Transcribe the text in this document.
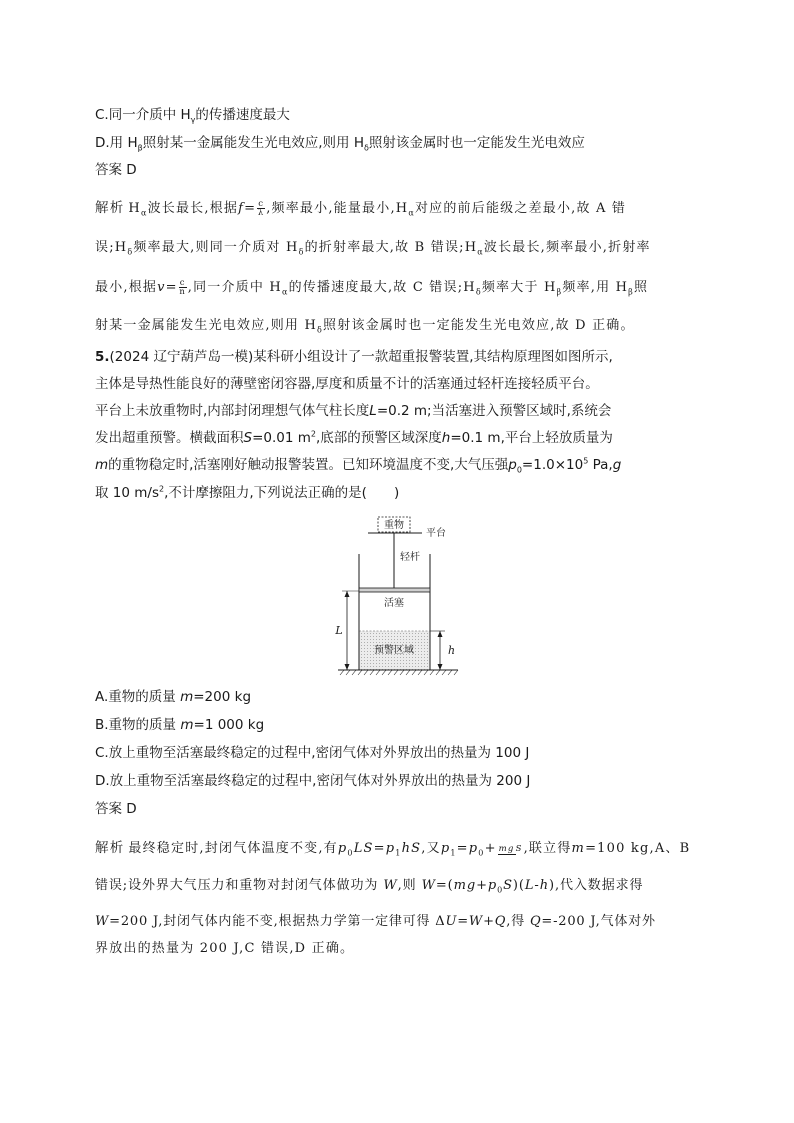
C.同一介质中 $H_\gamma$的传播速度最大
D.用 $H_\beta$照射某一金属能发生光电效应,则用 $H_\delta$照射该金属时也一定能发生光电效应
答案 D
解析 $H_\alpha$波长最长,根据$f= \frac{c}{\lambda}$ ,频率最小,能量最小$,H_\alpha$对应的前后能级之差最小,故 A 错
误$;H_\delta$频率最大,则同一介质对 $H_\delta$的折射率最大,故 B 错误$;H_\alpha$波长最长,频率最小,折射率
最小,根据$v= \frac{c}{n}$ ,同一介质中 $H_\alpha$的传播速度最大,故 C 错误$;H_\delta$频率大于 $H_\beta$频率,用 $H_\beta$照
射某一金属能发生光电效应,则用 $H_\delta$照射该金属时也一定能发生光电效应,故 D 正确。
5.(2024 辽宁葫芦岛一模)某科研小组设计了一款超重报警装置,其结构原理图如图所示,
主体是导热性能良好的薄壁密闭容器,厚度和质量不计的活塞通过轻杆连接轻质平台。
平台上未放重物时,内部封闭理想气体气柱长度L=0.2 m;当活塞进入预警区域时,系统会
发出超重预警。横截面积S=0.01 $m^2$,底部的预警区域深度h=0.1 m,平台上轻放质量为
m的重物稳定时,活塞刚好触动报警装置。已知环境温度不变,大气压强$p_0=1.0\times 10^5$ Pa,g
取 10 $m/s^2$,不计摩擦阻力,下列说法正确的是(　　)
重物
平台
轻杆
活塞
预警区域
L
h
A.重物的质量 m=200 kg
B.重物的质量 m=1 000 kg
C.放上重物至活塞最终稳定的过程中,密闭气体对外界放出的热量为 100 J
D.放上重物至活塞最终稳定的过程中,密闭气体对外界放出的热量为 200 J
答案 D
解析 最终稳定时,封闭气体温度不变,有$p_0LS=p_1hS$,又$p_1=p_0+$ mgS,联立得m=100 kg,A、B
错误;设外界大气压力和重物对封闭气体做功为 W,则 $W=(mg+p_0S)(L-h)$,代入数据求得
W=200 J,封闭气体内能不变,根据热力学第一定律可得 ΔU=W+Q,得 Q=-200 J,气体对外
界放出的热量为 200 J,C 错误,D 正确。
